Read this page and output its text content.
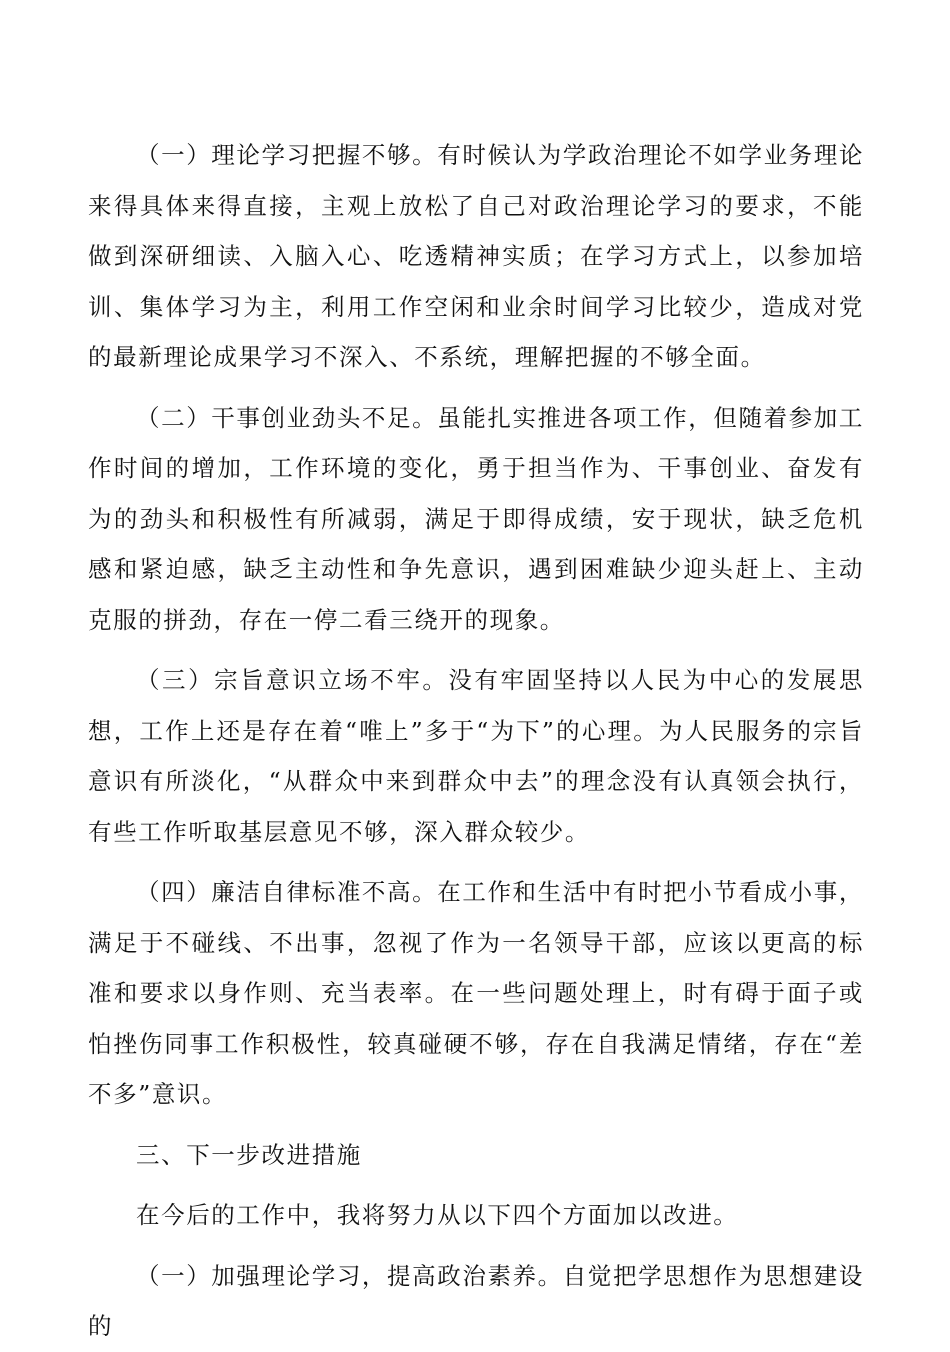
（一）理论学习把握不够。有时候认为学政治理论不如学业务理论来得具体来得直接，主观上放松了自己对政治理论学习的要求，不能做到深研细读、入脑入心、吃透精神实质；在学习方式上，以参加培训、集体学习为主，利用工作空闲和业余时间学习比较少，造成对党的最新理论成果学习不深入、不系统，理解把握的不够全面。

（二）干事创业劲头不足。虽能扎实推进各项工作，但随着参加工作时间的增加，工作环境的变化，勇于担当作为、干事创业、奋发有为的劲头和积极性有所减弱，满足于即得成绩，安于现状，缺乏危机感和紧迫感，缺乏主动性和争先意识，遇到困难缺少迎头赶上、主动克服的拼劲，存在一停二看三绕开的现象。

（三）宗旨意识立场不牢。没有牢固坚持以人民为中心的发展思想，工作上还是存在着“唯上”多于“为下”的心理。为人民服务的宗旨意识有所淡化，“从群众中来到群众中去”的理念没有认真领会执行，有些工作听取基层意见不够，深入群众较少。

（四）廉洁自律标准不高。在工作和生活中有时把小节看成小事，满足于不碰线、不出事，忽视了作为一名领导干部，应该以更高的标准和要求以身作则、充当表率。在一些问题处理上，时有碍于面子或怕挫伤同事工作积极性，较真碰硬不够，存在自我满足情绪，存在“差不多”意识。

三、下一步改进措施

在今后的工作中，我将努力从以下四个方面加以改进。

（一）加强理论学习，提高政治素养。自觉把学思想作为思想建设的
